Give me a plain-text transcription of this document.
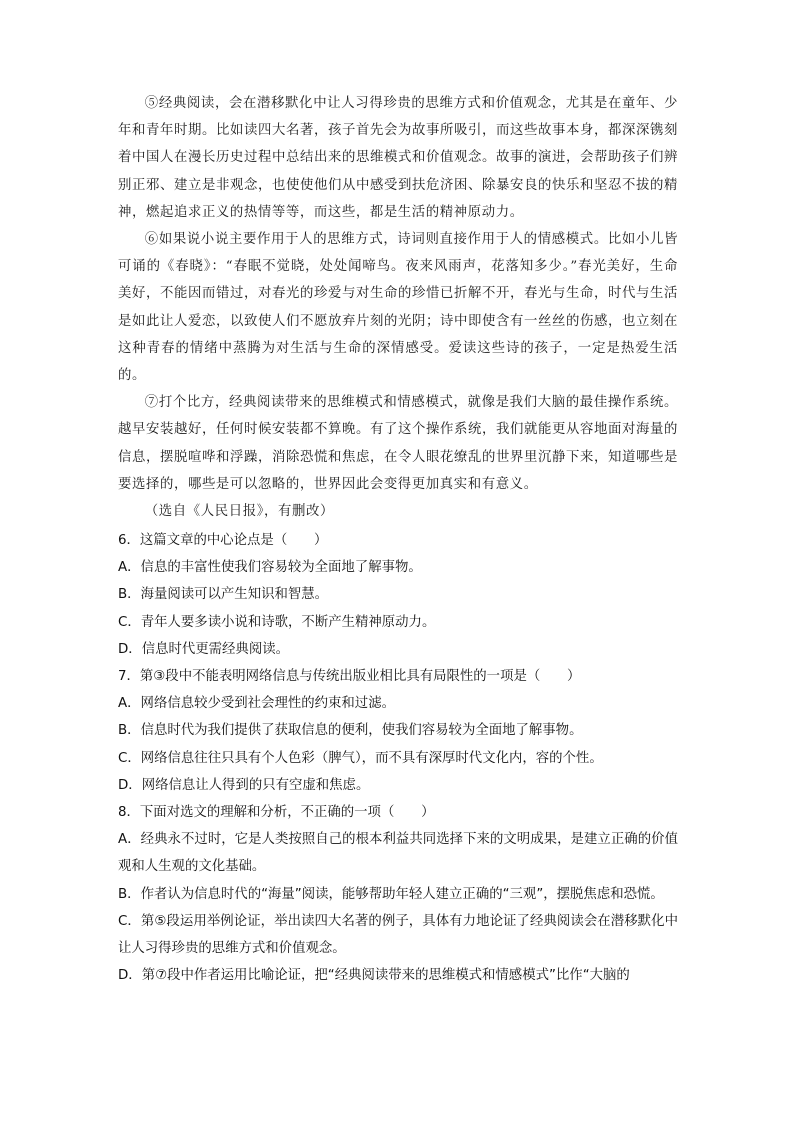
⑤经典阅读，会在潜移默化中让人习得珍贵的思维方式和价值观念，尤其是在童年、少年和青年时期。比如读四大名著，孩子首先会为故事所吸引，而这些故事本身，都深深镌刻着中国人在漫长历史过程中总结出来的思维模式和价值观念。故事的演进，会帮助孩子们辨别正邪、建立是非观念，也使使他们从中感受到扶危济困、除暴安良的快乐和坚忍不拔的精神，燃起追求正义的热情等等，而这些，都是生活的精神原动力。

⑥如果说小说主要作用于人的思维方式，诗词则直接作用于人的情感模式。比如小儿皆可诵的《春晓》：“春眠不觉晓，处处闻啼鸟。夜来风雨声，花落知多少。”春光美好，生命美好，不能因而错过，对春光的珍爱与对生命的珍惜已折解不开，春光与生命，时代与生活是如此让人爱恋，以致使人们不愿放弃片刻的光阴；诗中即使含有一丝丝的伤感，也立刻在这种青春的情绪中蒸腾为对生活与生命的深情感受。爱读这些诗的孩子，一定是热爱生活的。

⑦打个比方，经典阅读带来的思维模式和情感模式，就像是我们大脑的最佳操作系统。越早安装越好，任何时候安装都不算晚。有了这个操作系统，我们就能更从容地面对海量的信息，摆脱喧哗和浮躁，消除恐慌和焦虑，在令人眼花缭乱的世界里沉静下来，知道哪些是要选择的，哪些是可以忽略的，世界因此会变得更加真实和有意义。

（选自《人民日报》，有删改）

6．这篇文章的中心论点是（　　）

A．信息的丰富性使我们容易较为全面地了解事物。

B．海量阅读可以产生知识和智慧。

C．青年人要多读小说和诗歌，不断产生精神原动力。

D．信息时代更需经典阅读。

7．第③段中不能表明网络信息与传统出版业相比具有局限性的一项是（　　）

A．网络信息较少受到社会理性的约束和过滤。

B．信息时代为我们提供了获取信息的便利，使我们容易较为全面地了解事物。

C．网络信息往往只具有个人色彩（脾气），而不具有深厚时代文化内，容的个性。

D．网络信息让人得到的只有空虚和焦虑。

8．下面对选文的理解和分析，不正确的一项（　　）

A．经典永不过时，它是人类按照自己的根本利益共同选择下来的文明成果，是建立正确的价值观和人生观的文化基础。

B．作者认为信息时代的“海量”阅读，能够帮助年轻人建立正确的“三观”，摆脱焦虑和恐慌。

C．第⑤段运用举例论证，举出读四大名著的例子，具体有力地论证了经典阅读会在潜移默化中让人习得珍贵的思维方式和价值观念。

D．第⑦段中作者运用比喻论证，把“经典阅读带来的思维模式和情感模式”比作“大脑的
